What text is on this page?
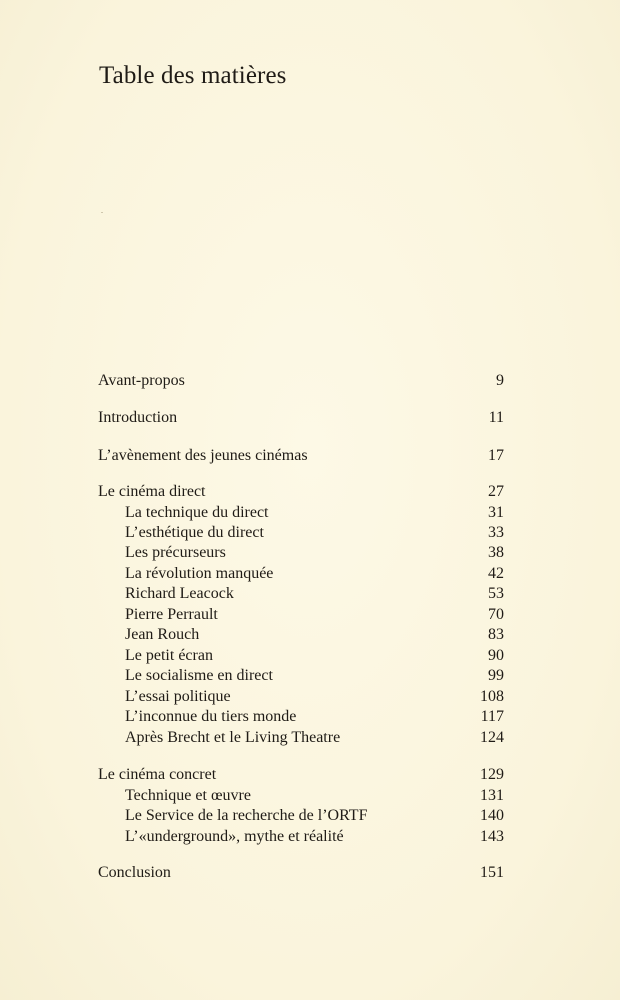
Table des matières
Avant-propos	9
Introduction	11
L’avènement des jeunes cinémas	17
Le cinéma direct	27
La technique du direct	31
L’esthétique du direct	33
Les précurseurs	38
La révolution manquée	42
Richard Leacock	53
Pierre Perrault	70
Jean Rouch	83
Le petit écran	90
Le socialisme en direct	99
L’essai politique	108
L’inconnue du tiers monde	117
Après Brecht et le Living Theatre	124
Le cinéma concret	129
Technique et œuvre	131
Le Service de la recherche de l’ORTF	140
L’«underground», mythe et réalité	143
Conclusion	151
